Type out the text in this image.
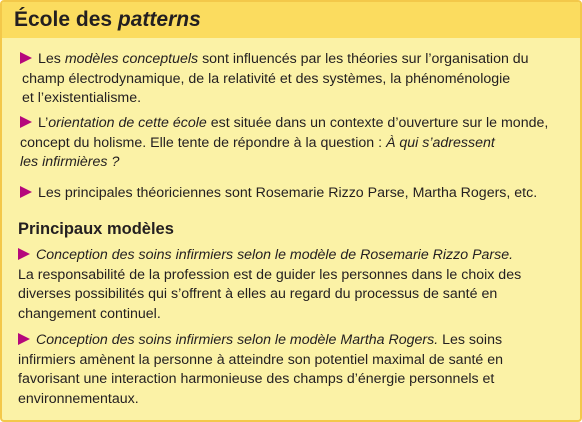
École des patterns
Les modèles conceptuels sont influencés par les théories sur l’organisation du
champ électrodynamique, de la relativité et des systèmes, la phénoménologie
et l’existentialisme.
L’orientation de cette école est située dans un contexte d’ouverture sur le monde,
concept du holisme. Elle tente de répondre à la question : À qui s’adressent
les infirmières ?
Les principales théoriciennes sont Rosemarie Rizzo Parse, Martha Rogers, etc.
Principaux modèles
Conception des soins infirmiers selon le modèle de Rosemarie Rizzo Parse.
La responsabilité de la profession est de guider les personnes dans le choix des
diverses possibilités qui s’offrent à elles au regard du processus de santé en
changement continuel.
Conception des soins infirmiers selon le modèle Martha Rogers. Les soins
infirmiers amènent la personne à atteindre son potentiel maximal de santé en
favorisant une interaction harmonieuse des champs d’énergie personnels et
environnementaux.
